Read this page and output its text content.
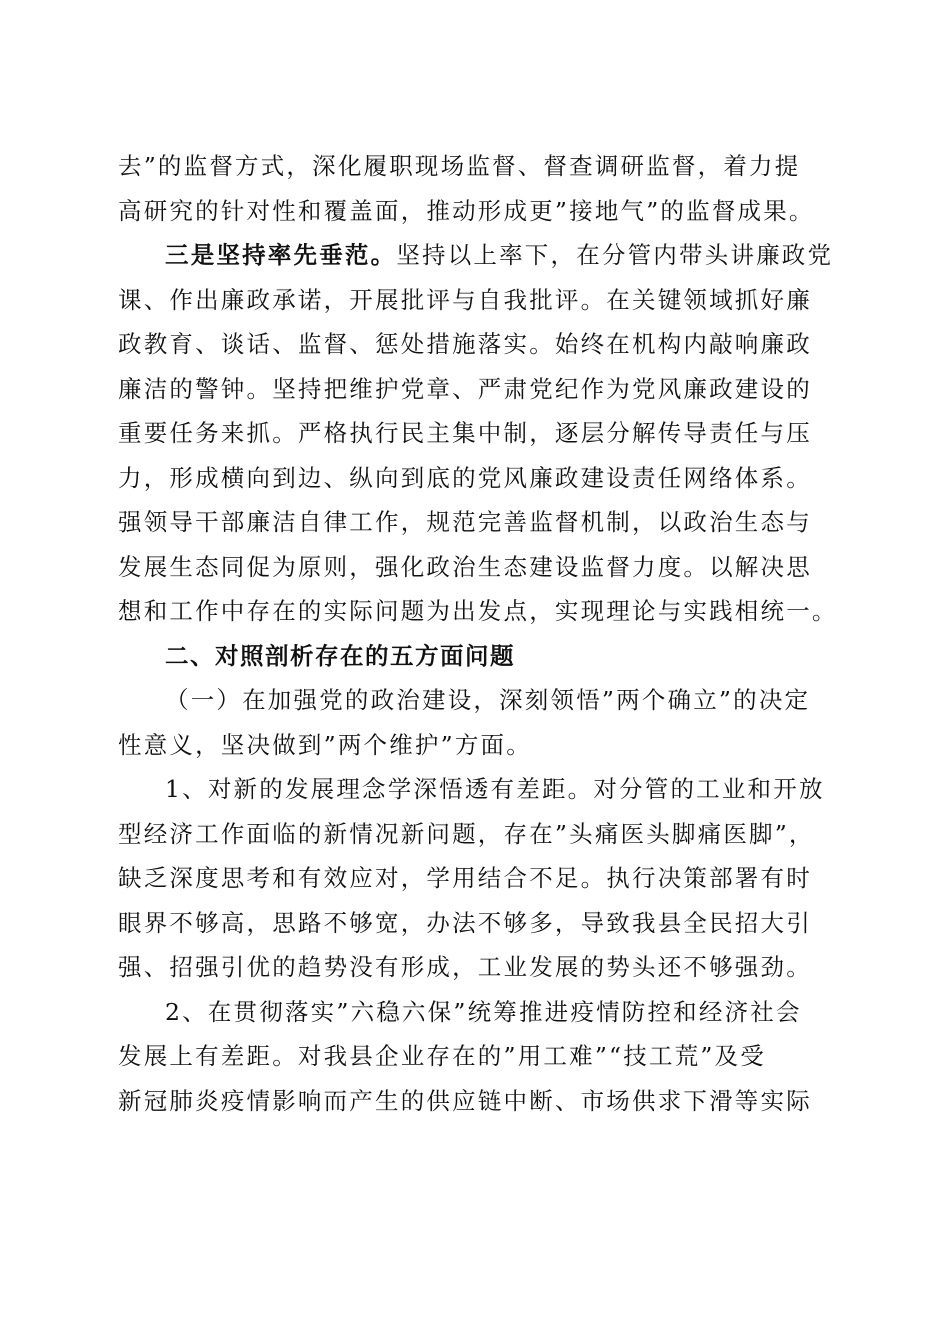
去”的监督方式，深化履职现场监督、督查调研监督，着力提

高研究的针对性和覆盖面，推动形成更”接地气”的监督成果。

三是坚持率先垂范。坚持以上率下，在分管内带头讲廉政党

课、作出廉政承诺，开展批评与自我批评。在关键领域抓好廉

政教育、谈话、监督、惩处措施落实。始终在机构内敲响廉政

廉洁的警钟。坚持把维护党章、严肃党纪作为党风廉政建设的

重要任务来抓。严格执行民主集中制，逐层分解传导责任与压

力，形成横向到边、纵向到底的党风廉政建设责任网络体系。

强领导干部廉洁自律工作，规范完善监督机制，以政治生态与

发展生态同促为原则，强化政治生态建设监督力度。以解决思

想和工作中存在的实际问题为出发点，实现理论与实践相统一。

二、对照剖析存在的五方面问题

（一）在加强党的政治建设，深刻领悟”两个确立”的决定

性意义，坚决做到”两个维护”方面。

1、对新的发展理念学深悟透有差距。对分管的工业和开放

型经济工作面临的新情况新问题，存在”头痛医头脚痛医脚”，

缺乏深度思考和有效应对，学用结合不足。执行决策部署有时

眼界不够高，思路不够宽，办法不够多，导致我县全民招大引

强、招强引优的趋势没有形成，工业发展的势头还不够强劲。

2、在贯彻落实”六稳六保”统筹推进疫情防控和经济社会

发展上有差距。对我县企业存在的”用工难”“技工荒”及受

新冠肺炎疫情影响而产生的供应链中断、市场供求下滑等实际
